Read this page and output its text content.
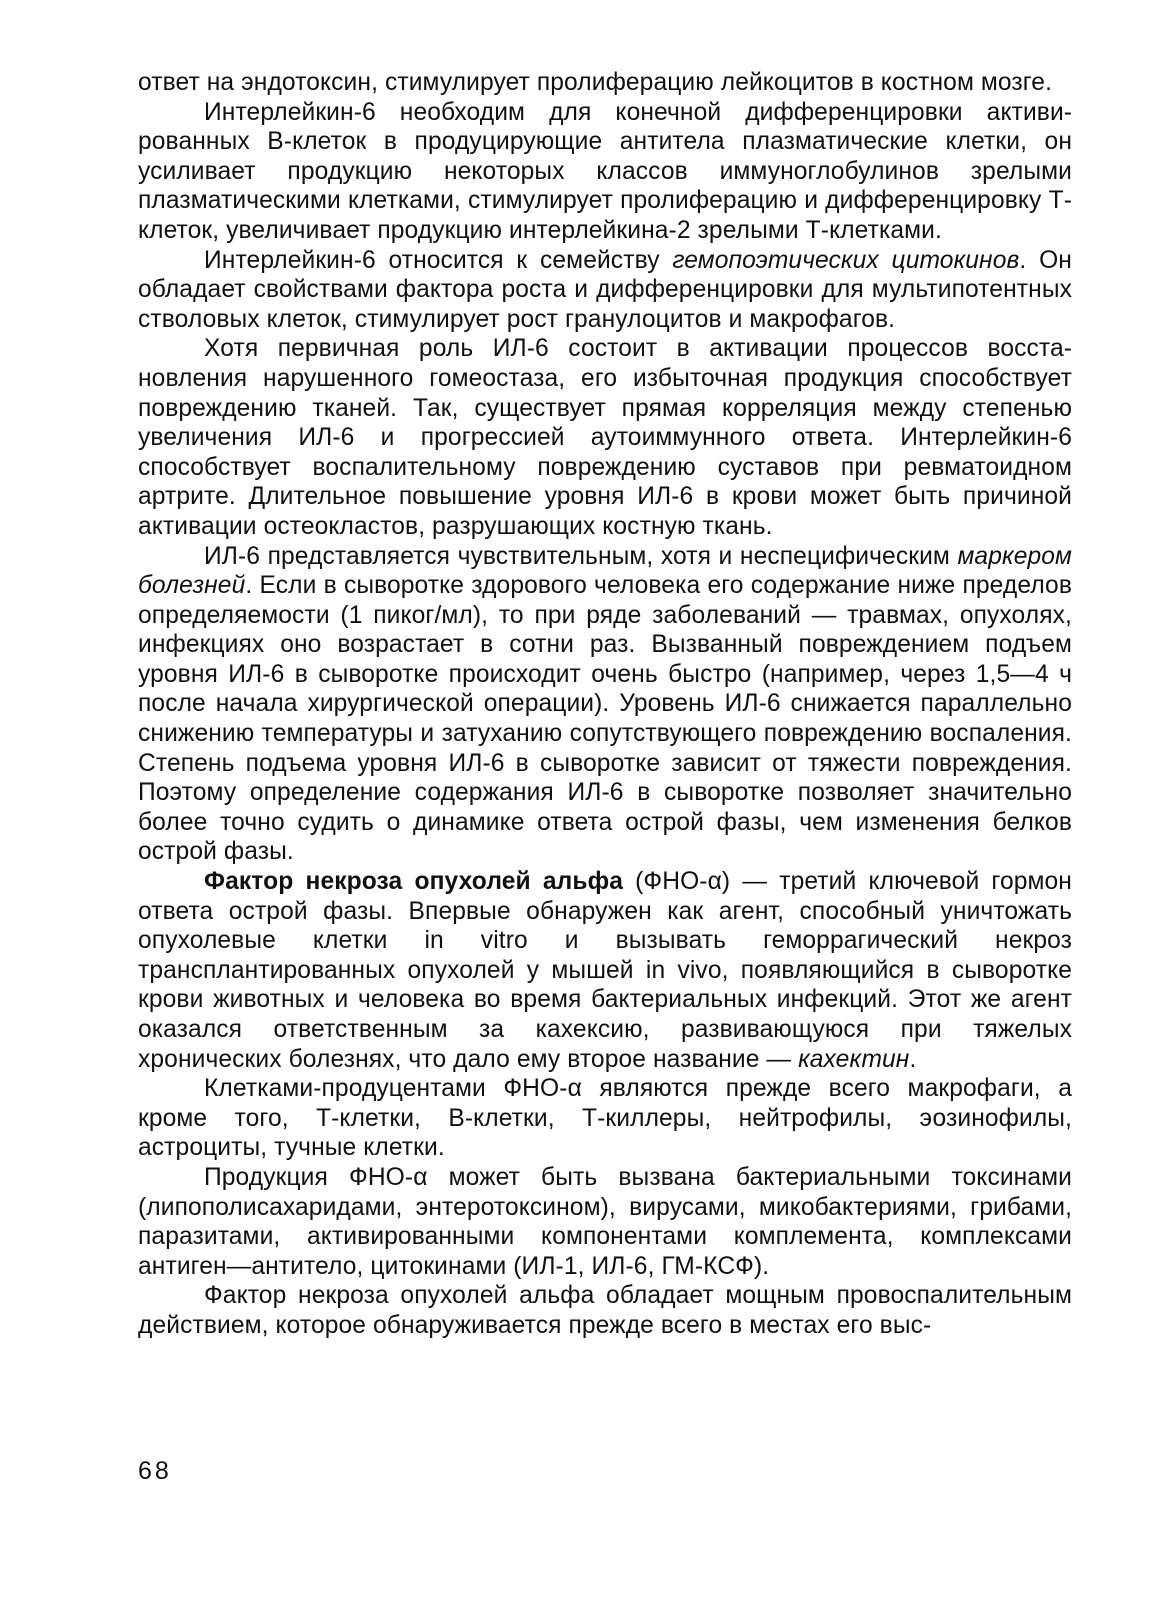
ответ на эндотоксин, стимулирует пролиферацию лейкоцитов в костном мозге.

Интерлейкин-6 необходим для конечной дифференцировки активированных В-клеток в продуцирующие антитела плазматические клетки, он усиливает продукцию некоторых классов иммуноглобулинов зрелыми плазматическими клетками, стимулирует пролиферацию и дифференцировку Т-клеток, увеличивает продукцию интерлейкина-2 зрелыми Т-клетками.

Интерлейкин-6 относится к семейству гемопоэтических цитокинов. Он обладает свойствами фактора роста и дифференцировки для мультипотентных стволовых клеток, стимулирует рост гранулоцитов и макрофагов.

Хотя первичная роль ИЛ-6 состоит в активации процессов восстановления нарушенного гомеостаза, его избыточная продукция способствует повреждению тканей. Так, существует прямая корреляция между степенью увеличения ИЛ-6 и прогрессией аутоиммунного ответа. Интерлейкин-6 способствует воспалительному повреждению суставов при ревматоидном артрите. Длительное повышение уровня ИЛ-6 в крови может быть причиной активации остеокластов, разрушающих костную ткань.

ИЛ-6 представляется чувствительным, хотя и неспецифическим маркером болезней. Если в сыворотке здорового человека его содержание ниже пределов определяемости (1 пиког/мл), то при ряде заболеваний — травмах, опухолях, инфекциях оно возрастает в сотни раз. Вызванный повреждением подъем уровня ИЛ-6 в сыворотке происходит очень быстро (например, через 1,5—4 ч после начала хирургической операции). Уровень ИЛ-6 снижается параллельно снижению температуры и затуханию сопутствующего повреждению воспаления. Степень подъема уровня ИЛ-6 в сыворотке зависит от тяжести повреждения. Поэтому определение содержания ИЛ-6 в сыворотке позволяет значительно более точно судить о динамике ответа острой фазы, чем изменения белков острой фазы.

Фактор некроза опухолей альфа (ФНО-α) — третий ключевой гормон ответа острой фазы. Впервые обнаружен как агент, способный уничтожать опухолевые клетки in vitro и вызывать геморрагический некроз трансплантированных опухолей у мышей in vivo, появляющийся в сыворотке крови животных и человека во время бактериальных инфекций. Этот же агент оказался ответственным за кахексию, развивающуюся при тяжелых хронических болезнях, что дало ему второе название — кахектин.

Клетками-продуцентами ФНО-α являются прежде всего макрофаги, а кроме того, Т-клетки, В-клетки, Т-киллеры, нейтрофилы, эозинофилы, астроциты, тучные клетки.

Продукция ФНО-α может быть вызвана бактериальными токсинами (липополисахаридами, энтеротоксином), вирусами, микобактериями, грибами, паразитами, активированными компонентами комплемента, комплексами антиген—антитело, цитокинами (ИЛ-1, ИЛ-6, ГМ-КСФ).

Фактор некроза опухолей альфа обладает мощным провоспалительным действием, которое обнаруживается прежде всего в местах его выс-

68
